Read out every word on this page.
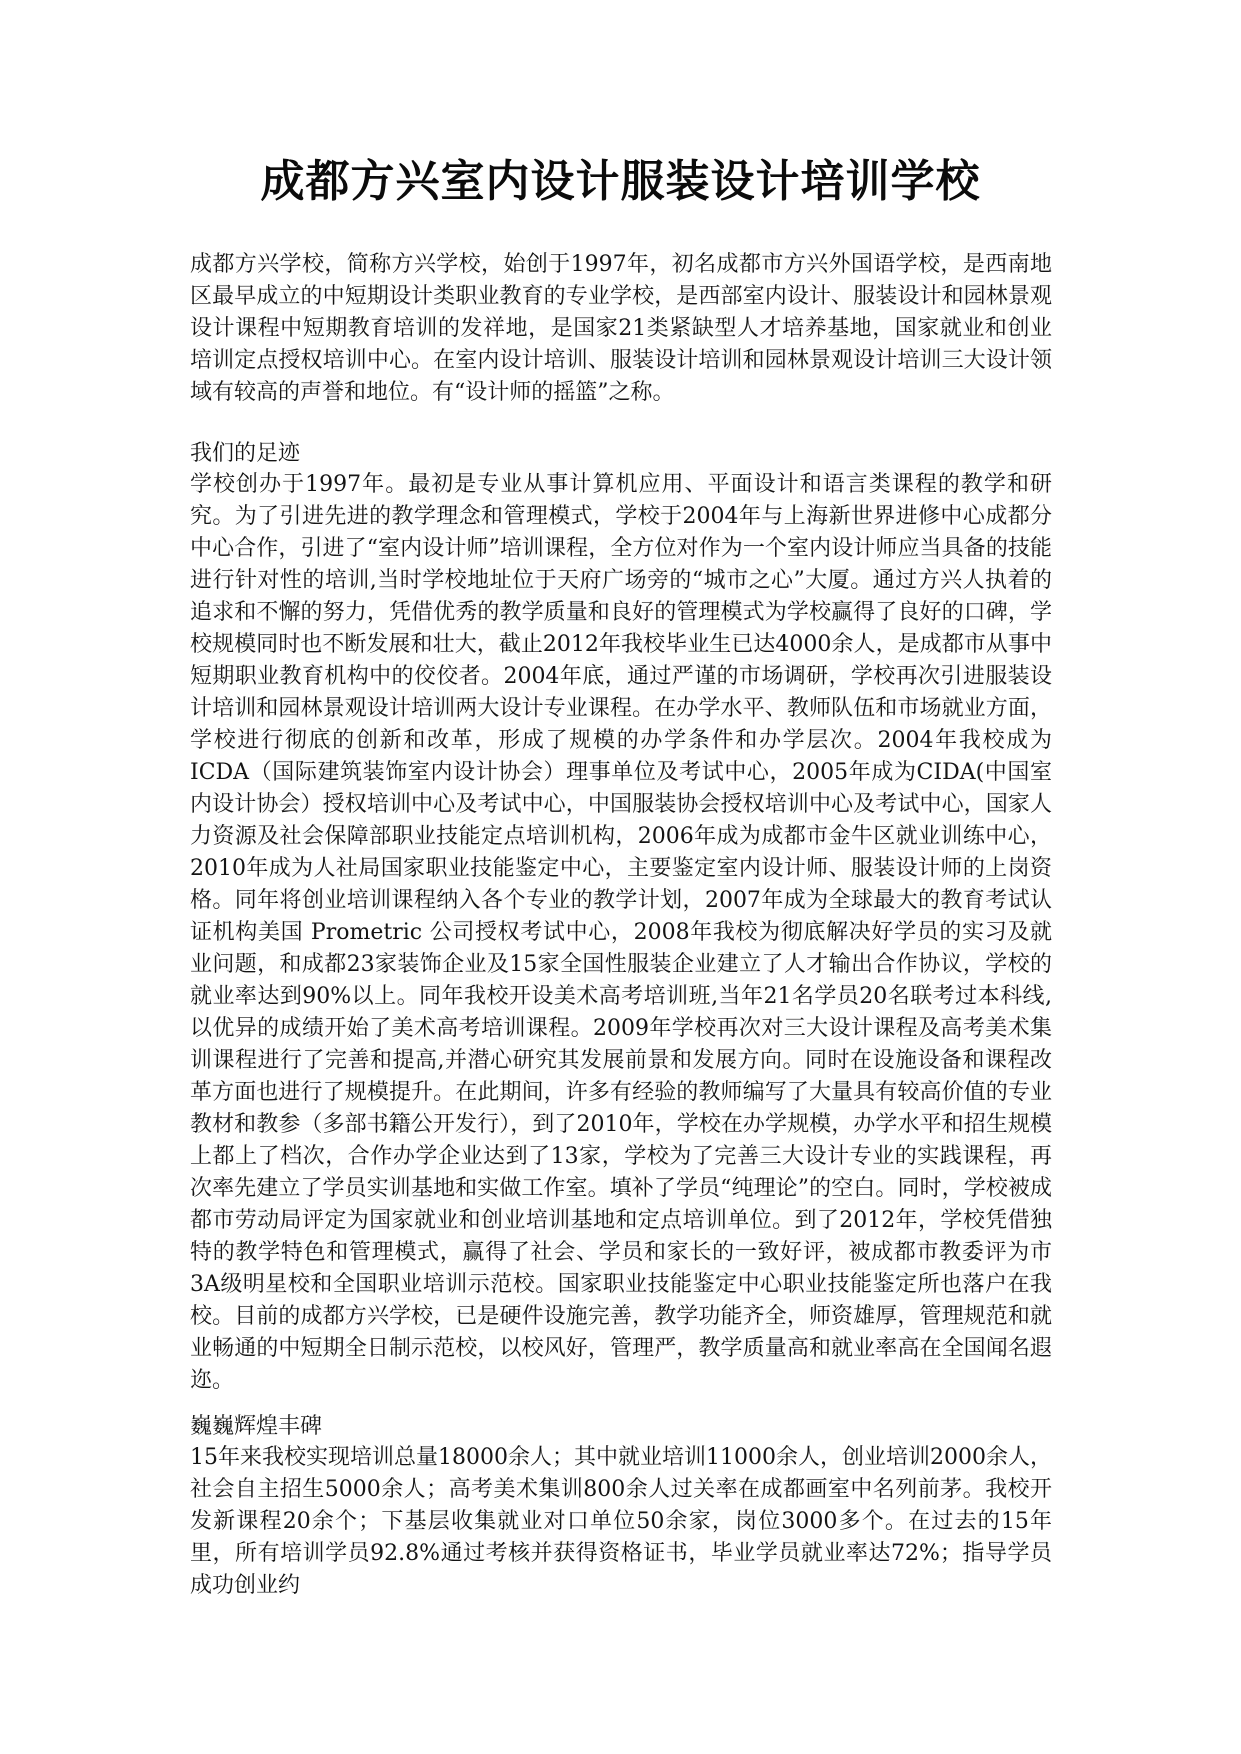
成都方兴室内设计服装设计培训学校

成都方兴学校，简称方兴学校，始创于1997年，初名成都市方兴外国语学校，是西南地区最早成立的中短期设计类职业教育的专业学校，是西部室内设计、服装设计和园林景观设计课程中短期教育培训的发祥地，是国家21类紧缺型人才培养基地，国家就业和创业培训定点授权培训中心。在室内设计培训、服装设计培训和园林景观设计培训三大设计领域有较高的声誉和地位。有“设计师的摇篮”之称。

我们的足迹

学校创办于1997年。最初是专业从事计算机应用、平面设计和语言类课程的教学和研究。为了引进先进的教学理念和管理模式，学校于2004年与上海新世界进修中心成都分中心合作，引进了“室内设计师”培训课程，全方位对作为一个室内设计师应当具备的技能进行针对性的培训,当时学校地址位于天府广场旁的“城市之心”大厦。通过方兴人执着的追求和不懈的努力，凭借优秀的教学质量和良好的管理模式为学校赢得了良好的口碑，学校规模同时也不断发展和壮大，截止2012年我校毕业生已达4000余人，是成都市从事中短期职业教育机构中的佼佼者。2004年底，通过严谨的市场调研，学校再次引进服装设计培训和园林景观设计培训两大设计专业课程。在办学水平、教师队伍和市场就业方面，学校进行彻底的创新和改革，形成了规模的办学条件和办学层次。2004年我校成为ICDA（国际建筑装饰室内设计协会）理事单位及考试中心，2005年成为CIDA(中国室内设计协会）授权培训中心及考试中心，中国服装协会授权培训中心及考试中心，国家人力资源及社会保障部职业技能定点培训机构，2006年成为成都市金牛区就业训练中心，2010年成为人社局国家职业技能鉴定中心，主要鉴定室内设计师、服装设计师的上岗资格。同年将创业培训课程纳入各个专业的教学计划，2007年成为全球最大的教育考试认证机构美国 Prometric 公司授权考试中心，2008年我校为彻底解决好学员的实习及就业问题，和成都23家装饰企业及15家全国性服装企业建立了人才输出合作协议，学校的就业率达到90%以上。同年我校开设美术高考培训班,当年21名学员20名联考过本科线,以优异的成绩开始了美术高考培训课程。2009年学校再次对三大设计课程及高考美术集训课程进行了完善和提高,并潜心研究其发展前景和发展方向。同时在设施设备和课程改革方面也进行了规模提升。在此期间，许多有经验的教师编写了大量具有较高价值的专业教材和教参（多部书籍公开发行），到了2010年，学校在办学规模，办学水平和招生规模上都上了档次，合作办学企业达到了13家，学校为了完善三大设计专业的实践课程，再次率先建立了学员实训基地和实做工作室。填补了学员“纯理论”的空白。同时，学校被成都市劳动局评定为国家就业和创业培训基地和定点培训单位。到了2012年，学校凭借独特的教学特色和管理模式，赢得了社会、学员和家长的一致好评，被成都市教委评为市3A级明星校和全国职业培训示范校。国家职业技能鉴定中心职业技能鉴定所也落户在我校。目前的成都方兴学校，已是硬件设施完善，教学功能齐全，师资雄厚，管理规范和就业畅通的中短期全日制示范校，以校风好，管理严，教学质量高和就业率高在全国闻名遐迩。

巍巍辉煌丰碑

15年来我校实现培训总量18000余人；其中就业培训11000余人，创业培训2000余人，社会自主招生5000余人；高考美术集训800余人过关率在成都画室中名列前茅。我校开发新课程20余个；下基层收集就业对口单位50余家，岗位3000多个。在过去的15年里，所有培训学员92.8%通过考核并获得资格证书，毕业学员就业率达72%；指导学员成功创业约
